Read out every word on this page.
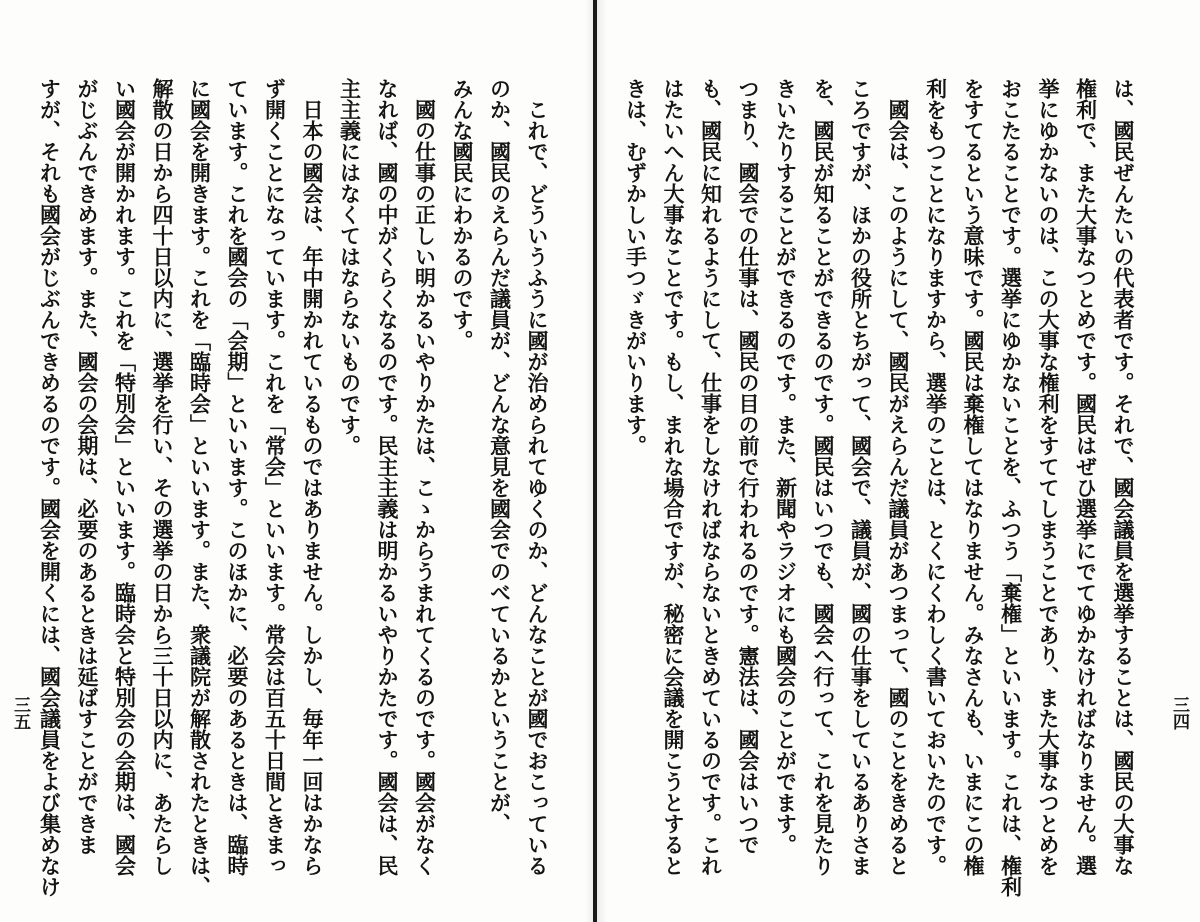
　これで、どういうふうに國が治められてゆくのか、どんなことが國でおこっている
のか、國民のえらんだ議員が、どんな意見を國会でのべているかということが、
みんな國民にわかるのです。
　國の仕事の正しい明かるいやりかたは、こゝからうまれてくるのです。國会がなく
なれば、國の中がくらくなるのです。民主主義は明かるいやりかたです。國会は、民
主主義にはなくてはならないものです。
　日本の國会は、年中開かれているものではありません。しかし、毎年一回はかなら
ず開くことになっています。これを「常会」といいます。常会は百五十日間ときまっ
ています。これを國会の「会期」といいます。このほかに、必要のあるときは、臨時
に國会を開きます。これを「臨時会」といいます。また、衆議院が解散されたときは、
解散の日から四十日以内に、選挙を行い、その選挙の日から三十日以内に、あたらし
い國会が開かれます。これを「特別会」といいます。臨時会と特別会の会期は、國会
がじぶんできめます。また、國会の会期は、必要のあるときは延ばすことができま
すが、それも國会がじぶんできめるのです。國会を開くには、國会議員をよび集めなけ
三五	は、國民ぜんたいの代表者です。それで、國会議員を選挙することは、國民の大事な
権利で、また大事なつとめです。國民はぜひ選挙にでてゆかなければなりません。選
挙にゆかないのは、この大事な権利をすててしまうことであり、また大事なつとめを
おこたることです。選挙にゆかないことを、ふつう「棄権」といいます。これは、権利
をすてるという意味です。國民は棄権してはなりません。みなさんも、いまにこの権
利をもつことになりますから、選挙のことは、とくにくわしく書いておいたのです。
　國会は、このようにして、國民がえらんだ議員があつまって、國のことをきめると
ころですが、ほかの役所とちがって、國会で、議員が、國の仕事をしているありさま
を、國民が知ることができるのです。國民はいつでも、國会へ行って、これを見たり
きいたりすることができるのです。また、新聞やラジオにも國会のことがでます。
つまり、國会での仕事は、國民の目の前で行われるのです。憲法は、國会はいつで
も、國民に知れるようにして、仕事をしなければならないときめているのです。これ
はたいへん大事なことです。もし、まれな場合ですが、秘密に会議を開こうとすると
きは、むずかしい手つゞきがいります。
三四
